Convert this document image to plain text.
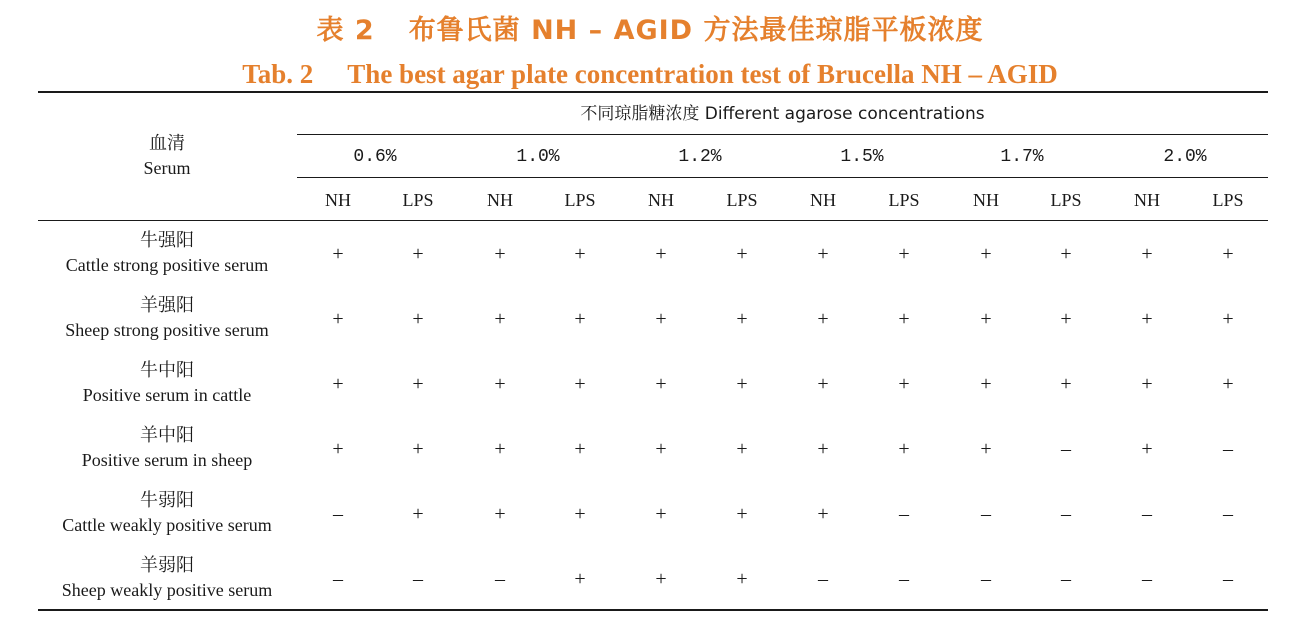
表 2 布鲁氏菌 NH – AGID 方法最佳琼脂平板浓度
Tab. 2 The best agar plate concentration test of Brucella NH – AGID
血清
Serum
不同琼脂糖浓度 Different agarose concentrations
0.6%	1.0%	1.2%	1.5%	1.7%	2.0%
NH	LPS	NH	LPS	NH	LPS	NH	LPS	NH	LPS	NH	LPS
牛强阳
Cattle strong positive serum	+	+	+	+	+	+	+	+	+	+	+	+
羊强阳
Sheep strong positive serum	+	+	+	+	+	+	+	+	+	+	+	+
牛中阳
Positive serum in cattle	+	+	+	+	+	+	+	+	+	+	+	+
羊中阳
Positive serum in sheep	+	+	+	+	+	+	+	+	+	–	+	–
牛弱阳
Cattle weakly positive serum	–	+	+	+	+	+	+	–	–	–	–	–
羊弱阳
Sheep weakly positive serum	–	–	–	+	+	+	–	–	–	–	–	–
